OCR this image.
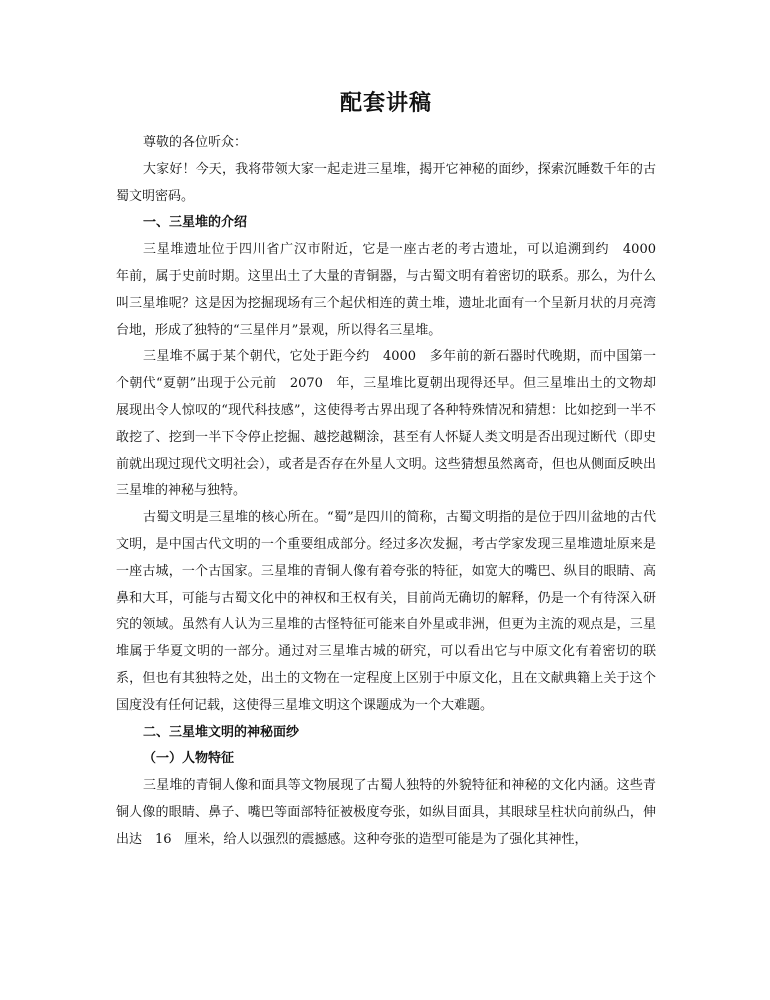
配套讲稿

尊敬的各位听众：

大家好！今天，我将带领大家一起走进三星堆，揭开它神秘的面纱，探索沉睡数千年的古蜀文明密码。

一、三星堆的介绍

三星堆遗址位于四川省广汉市附近，它是一座古老的考古遗址，可以追溯到约　4000　年前，属于史前时期。这里出土了大量的青铜器，与古蜀文明有着密切的联系。那么，为什么叫三星堆呢？这是因为挖掘现场有三个起伏相连的黄土堆，遗址北面有一个呈新月状的月亮湾台地，形成了独特的“三星伴月”景观，所以得名三星堆。

三星堆不属于某个朝代，它处于距今约　4000　多年前的新石器时代晚期，而中国第一个朝代“夏朝”出现于公元前　2070　年，三星堆比夏朝出现得还早。但三星堆出土的文物却展现出令人惊叹的“现代科技感”，这使得考古界出现了各种特殊情况和猜想：比如挖到一半不敢挖了、挖到一半下令停止挖掘、越挖越糊涂，甚至有人怀疑人类文明是否出现过断代（即史前就出现过现代文明社会），或者是否存在外星人文明。这些猜想虽然离奇，但也从侧面反映出三星堆的神秘与独特。

古蜀文明是三星堆的核心所在。“蜀”是四川的简称，古蜀文明指的是位于四川盆地的古代文明，是中国古代文明的一个重要组成部分。经过多次发掘，考古学家发现三星堆遗址原来是一座古城，一个古国家。三星堆的青铜人像有着夸张的特征，如宽大的嘴巴、纵目的眼睛、高鼻和大耳，可能与古蜀文化中的神权和王权有关，目前尚无确切的解释，仍是一个有待深入研究的领域。虽然有人认为三星堆的古怪特征可能来自外星或非洲，但更为主流的观点是，三星堆属于华夏文明的一部分。通过对三星堆古城的研究，可以看出它与中原文化有着密切的联系，但也有其独特之处，出土的文物在一定程度上区别于中原文化，且在文献典籍上关于这个国度没有任何记载，这使得三星堆文明这个课题成为一个大难题。

二、三星堆文明的神秘面纱

（一）人物特征

三星堆的青铜人像和面具等文物展现了古蜀人独特的外貌特征和神秘的文化内涵。这些青铜人像的眼睛、鼻子、嘴巴等面部特征被极度夸张，如纵目面具，其眼球呈柱状向前纵凸，伸出达　16　厘米，给人以强烈的震撼感。这种夸张的造型可能是为了强化其神性，
